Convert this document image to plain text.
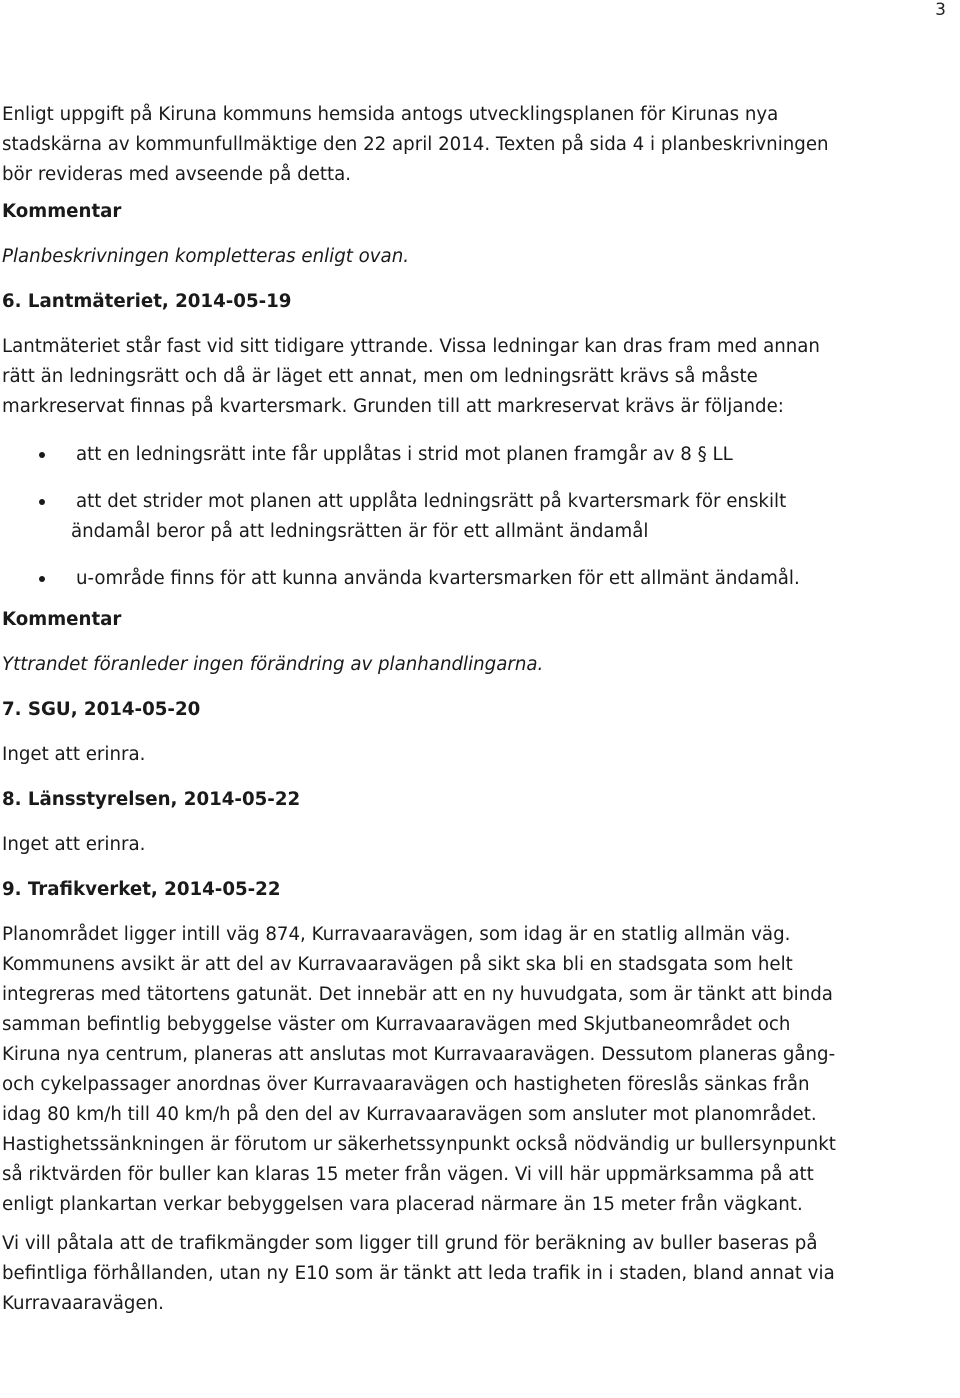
3

Enligt uppgift på Kiruna kommuns hemsida antogs utvecklingsplanen för Kirunas nya stadskärna av kommunfullmäktige den 22 april 2014. Texten på sida 4 i planbeskrivningen bör revideras med avseende på detta.

Kommentar

Planbeskrivningen kompletteras enligt ovan.

6. Lantmäteriet, 2014-05-19

Lantmäteriet står fast vid sitt tidigare yttrande. Vissa ledningar kan dras fram med annan rätt än ledningsrätt och då är läget ett annat, men om ledningsrätt krävs så måste markreservat finnas på kvartersmark. Grunden till att markreservat krävs är följande:

att en ledningsrätt inte får upplåtas i strid mot planen framgår av 8 § LL
att det strider mot planen att upplåta ledningsrätt på kvartersmark för enskilt
ändamål beror på att ledningsrätten är för ett allmänt ändamål
u-område finns för att kunna använda kvartersmarken för ett allmänt ändamål.

Kommentar

Yttrandet föranleder ingen förändring av planhandlingarna.

7. SGU, 2014-05-20

Inget att erinra.

8. Länsstyrelsen, 2014-05-22

Inget att erinra.

9. Trafikverket, 2014-05-22

Planområdet ligger intill väg 874, Kurravaaravägen, som idag är en statlig allmän väg. Kommunens avsikt är att del av Kurravaaravägen på sikt ska bli en stadsgata som helt integreras med tätortens gatunät. Det innebär att en ny huvudgata, som är tänkt att binda samman befintlig bebyggelse väster om Kurravaaravägen med Skjutbaneområdet och Kiruna nya centrum, planeras att anslutas mot Kurravaaravägen. Dessutom planeras gång- och cykelpassager anordnas över Kurravaaravägen och hastigheten föreslås sänkas från idag 80 km/h till 40 km/h på den del av Kurravaaravägen som ansluter mot planområdet. Hastighetssänkningen är förutom ur säkerhetssynpunkt också nödvändig ur bullersynpunkt så riktvärden för buller kan klaras 15 meter från vägen. Vi vill här uppmärksamma på att enligt plankartan verkar bebyggelsen vara placerad närmare än 15 meter från vägkant.

Vi vill påtala att de trafikmängder som ligger till grund för beräkning av buller baseras på befintliga förhållanden, utan ny E10 som är tänkt att leda trafik in i staden, bland annat via Kurravaaravägen.
